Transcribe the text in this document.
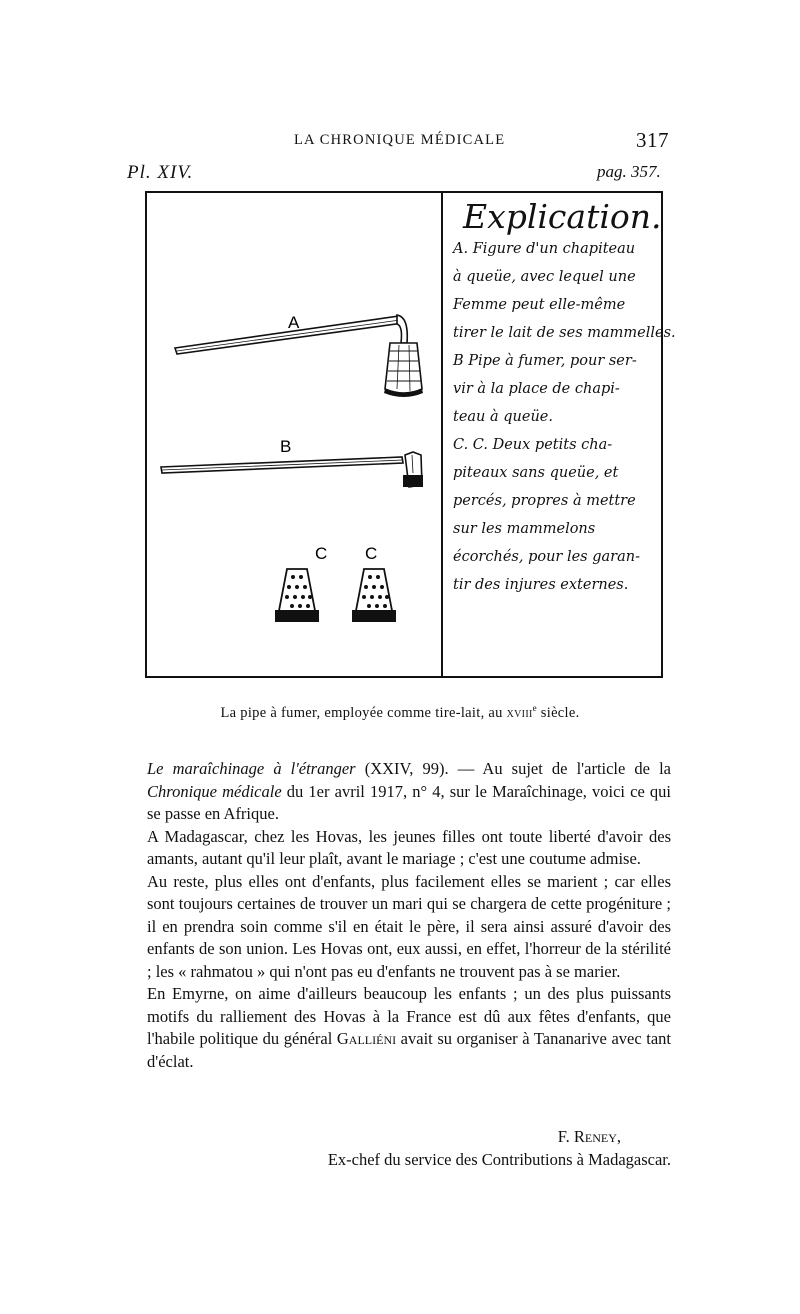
LA CHRONIQUE MÉDICALE	317
Pl. XIV.	pag. 357.
A
B
C C
Explication.
A. Figure d'un chapiteau
à queüe, avec lequel une
Femme peut elle-même
tirer le lait de ses mammelles.
B Pipe à fumer, pour ser-
vir à la place de chapi-
teau à queüe.
C. C. Deux petits cha-
piteaux sans queüe, et
percés, propres à mettre
sur les mammelons
écorchés, pour les garan-
tir des injures externes.
La pipe à fumer, employée comme tire-lait, au xviii$^e$ siècle.

Le maraîchinage à l'étranger (XXIV, 99). — Au sujet de l'article de la Chronique médicale du 1er avril 1917, n° 4, sur le Maraîchinage, voici ce qui se passe en Afrique.

A Madagascar, chez les Hovas, les jeunes filles ont toute liberté d'avoir des amants, autant qu'il leur plaît, avant le mariage ; c'est une coutume admise.

Au reste, plus elles ont d'enfants, plus facilement elles se marient ; car elles sont toujours certaines de trouver un mari qui se chargera de cette progéniture ; il en prendra soin comme s'il en était le père, il sera ainsi assuré d'avoir des enfants de son union. Les Hovas ont, eux aussi, en effet, l'horreur de la stérilité ; les « rahmatou » qui n'ont pas eu d'enfants ne trouvent pas à se marier.

En Emyrne, on aime d'ailleurs beaucoup les enfants ; un des plus puissants motifs du ralliement des Hovas à la France est dû aux fêtes d'enfants, que l'habile politique du général Galliéni avait su organiser à Tananarive avec tant d'éclat.

F. Reney,
Ex-chef du service des Contributions à Madagascar.
